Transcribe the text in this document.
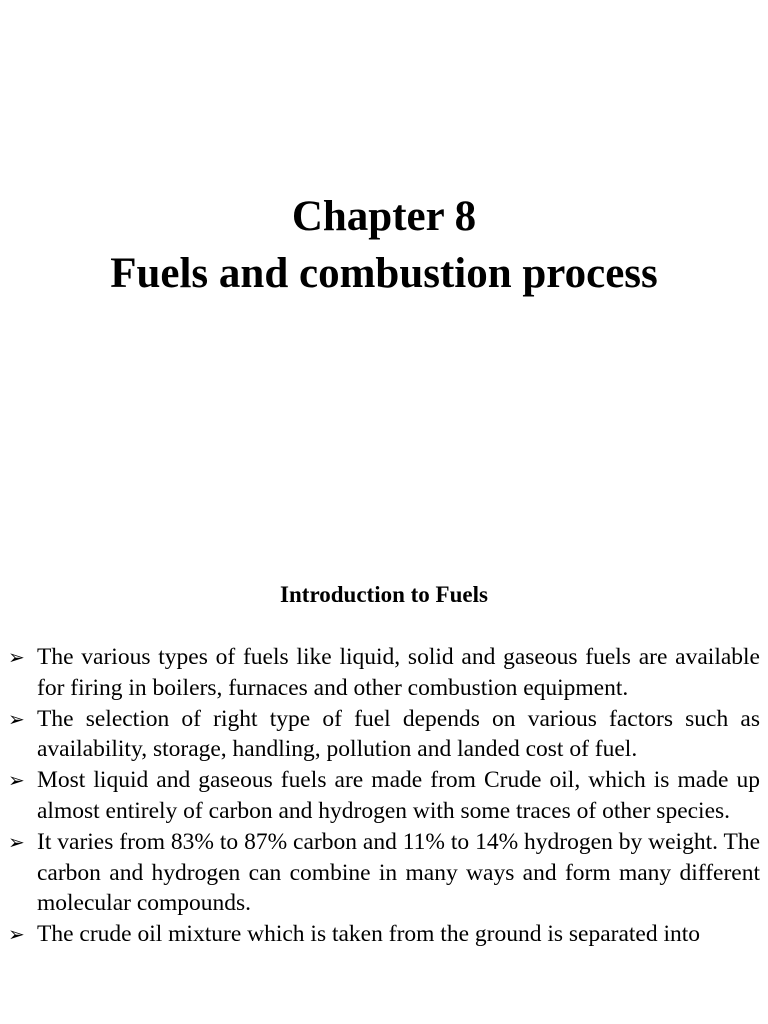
Chapter 8
Fuels and combustion process
Introduction to Fuels
➢ The various types of fuels like liquid, solid and gaseous fuels are available for firing in boilers, furnaces and other combustion equipment.
➢ The selection of right type of fuel depends on various factors such as availability, storage, handling, pollution and landed cost of fuel.
➢ Most liquid and gaseous fuels are made from Crude oil, which is made up almost entirely of carbon and hydrogen with some traces of other species.
➢ It varies from 83% to 87% carbon and 11% to 14% hydrogen by weight. The carbon and hydrogen can combine in many ways and form many different molecular compounds.
➢ The crude oil mixture which is taken from the ground is separated into
